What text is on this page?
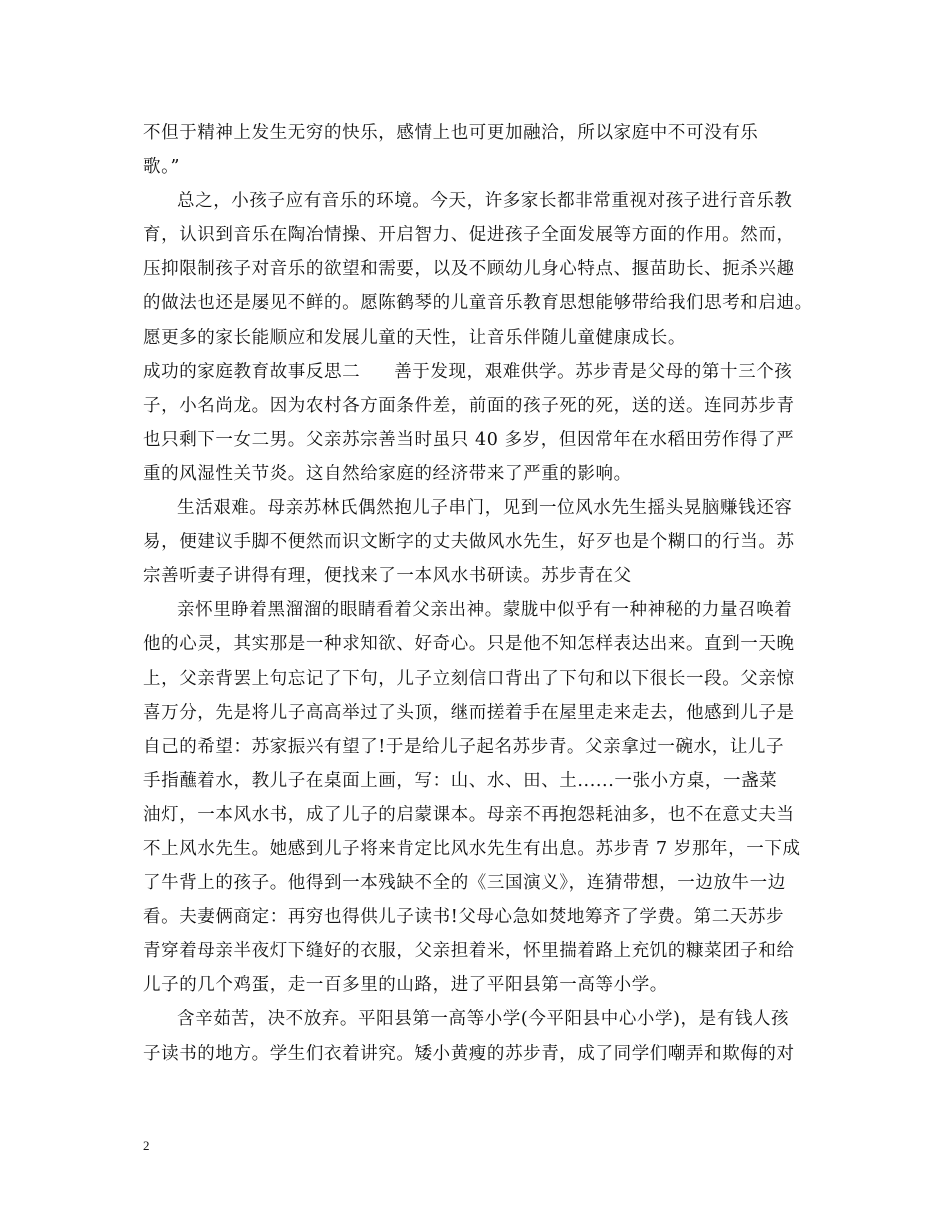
不但于精神上发生无穷的快乐，感情上也可更加融洽，所以家庭中不可没有乐
歌。”
总之，小孩子应有音乐的环境。今天，许多家长都非常重视对孩子进行音乐教
育，认识到音乐在陶冶情操、开启智力、促进孩子全面发展等方面的作用。然而，
压抑限制孩子对音乐的欲望和需要，以及不顾幼儿身心特点、揠苗助长、扼杀兴趣
的做法也还是屡见不鲜的。愿陈鹤琴的儿童音乐教育思想能够带给我们思考和启迪。
愿更多的家长能顺应和发展儿童的天性，让音乐伴随儿童健康成长。
成功的家庭教育故事反思二 善于发现，艰难供学。苏步青是父母的第十三个孩
子，小名尚龙。因为农村各方面条件差，前面的孩子死的死，送的送。连同苏步青
也只剩下一女二男。父亲苏宗善当时虽只 40 多岁，但因常年在水稻田劳作得了严
重的风湿性关节炎。这自然给家庭的经济带来了严重的影响。
生活艰难。母亲苏林氏偶然抱儿子串门，见到一位风水先生摇头晃脑赚钱还容
易，便建议手脚不便然而识文断字的丈夫做风水先生，好歹也是个糊口的行当。苏
宗善听妻子讲得有理，便找来了一本风水书研读。苏步青在父
亲怀里睁着黑溜溜的眼睛看着父亲出神。蒙胧中似乎有一种神秘的力量召唤着
他的心灵，其实那是一种求知欲、好奇心。只是他不知怎样表达出来。直到一天晚
上，父亲背罢上句忘记了下句，儿子立刻信口背出了下句和以下很长一段。父亲惊
喜万分，先是将儿子高高举过了头顶，继而搓着手在屋里走来走去，他感到儿子是
自己的希望：苏家振兴有望了!于是给儿子起名苏步青。父亲拿过一碗水，让儿子
手指蘸着水，教儿子在桌面上画，写：山、水、田、土......一张小方桌，一盏菜
油灯，一本风水书，成了儿子的启蒙课本。母亲不再抱怨耗油多，也不在意丈夫当
不上风水先生。她感到儿子将来肯定比风水先生有出息。苏步青 7 岁那年，一下成
了牛背上的孩子。他得到一本残缺不全的《三国演义》，连猜带想，一边放牛一边
看。夫妻俩商定：再穷也得供儿子读书!父母心急如焚地筹齐了学费。第二天苏步
青穿着母亲半夜灯下缝好的衣服，父亲担着米，怀里揣着路上充饥的糠菜团子和给
儿子的几个鸡蛋，走一百多里的山路，进了平阳县第一高等小学。
含辛茹苦，决不放弃。平阳县第一高等小学(今平阳县中心小学)，是有钱人孩
子读书的地方。学生们衣着讲究。矮小黄瘦的苏步青，成了同学们嘲弄和欺侮的对
2
